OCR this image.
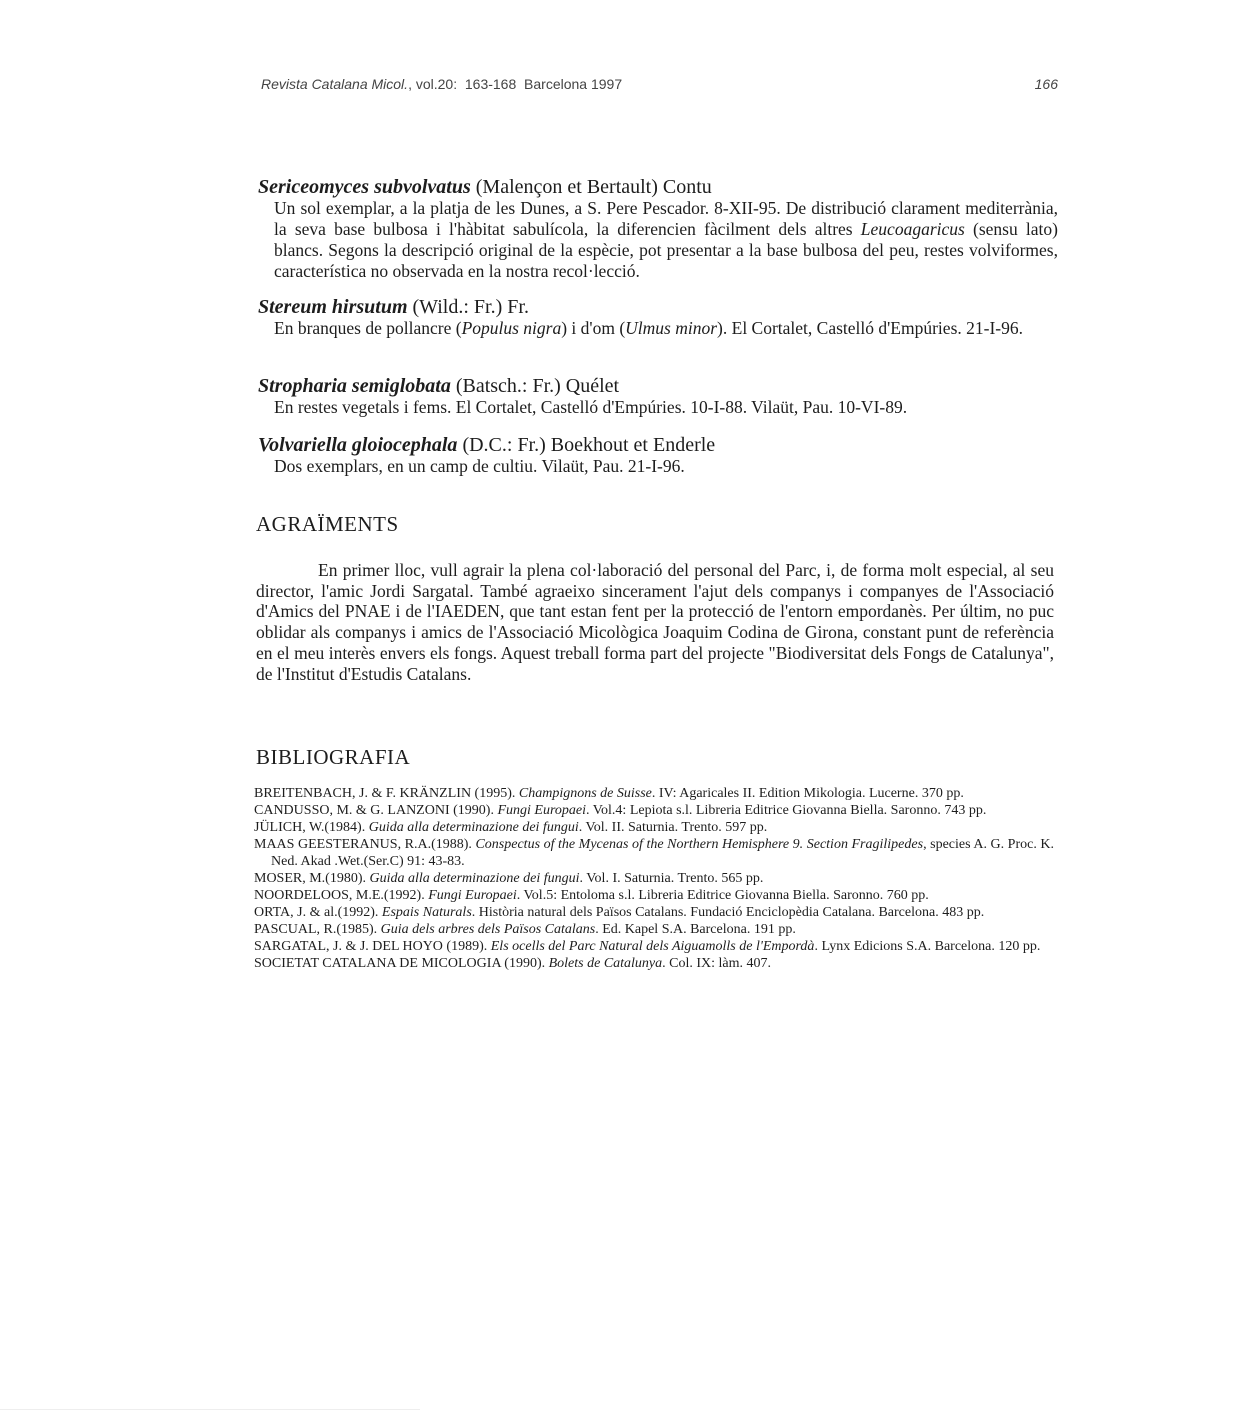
Revista Catalana Micol., vol.20: 163-168 Barcelona 1997	166
Sericeomyces subvolvatus (Malençon et Bertault) Contu
Un sol exemplar, a la platja de les Dunes, a S. Pere Pescador. 8-XII-95. De distribució clarament mediterrània, la seva base bulbosa i l'hàbitat sabulícola, la diferencien fàcilment dels altres Leucoagaricus (sensu lato) blancs. Segons la descripció original de la espècie, pot presentar a la base bulbosa del peu, restes volviformes, característica no observada en la nostra recol·lecció.
Stereum hirsutum (Wild.: Fr.) Fr.
En branques de pollancre (Populus nigra) i d'om (Ulmus minor). El Cortalet, Castelló d'Empúries. 21-I-96.
Stropharia semiglobata (Batsch.: Fr.) Quélet
En restes vegetals i fems. El Cortalet, Castelló d'Empúries. 10-I-88. Vilaüt, Pau. 10-VI-89.
Volvariella gloiocephala (D.C.: Fr.) Boekhout et Enderle
Dos exemplars, en un camp de cultiu. Vilaüt, Pau. 21-I-96.
AGRAÏMENTS

En primer lloc, vull agrair la plena col·laboració del personal del Parc, i, de forma molt especial, al seu director, l'amic Jordi Sargatal. També agraeixo sincerament l'ajut dels companys i companyes de l'Associació d'Amics del PNAE i de l'IAEDEN, que tant estan fent per la protecció de l'entorn empordanès. Per últim, no puc oblidar als companys i amics de l'Associació Micològica Joaquim Codina de Girona, constant punt de referència en el meu interès envers els fongs. Aquest treball forma part del projecte "Biodiversitat dels Fongs de Catalunya", de l'Institut d'Estudis Catalans.

BIBLIOGRAFIA
BREITENBACH, J. & F. KRÄNZLIN (1995). Champignons de Suisse. IV: Agaricales II. Edition Mikologia. Lucerne. 370 pp.
CANDUSSO, M. & G. LANZONI (1990). Fungi Europaei. Vol.4: Lepiota s.l. Libreria Editrice Giovanna Biella. Saronno. 743 pp.
JÜLICH, W.(1984). Guida alla determinazione dei fungui. Vol. II. Saturnia. Trento. 597 pp.
MAAS GEESTERANUS, R.A.(1988). Conspectus of the Mycenas of the Northern Hemisphere 9. Section Fragilipedes, species A. G. Proc. K. Ned. Akad .Wet.(Ser.C) 91: 43-83.
MOSER, M.(1980). Guida alla determinazione dei fungui. Vol. I. Saturnia. Trento. 565 pp.
NOORDELOOS, M.E.(1992). Fungi Europaei. Vol.5: Entoloma s.l. Libreria Editrice Giovanna Biella. Saronno. 760 pp.
ORTA, J. & al.(1992). Espais Naturals. Història natural dels Països Catalans. Fundació Enciclopèdia Catalana. Barcelona. 483 pp.
PASCUAL, R.(1985). Guia dels arbres dels Països Catalans. Ed. Kapel S.A. Barcelona. 191 pp.
SARGATAL, J. & J. DEL HOYO (1989). Els ocells del Parc Natural dels Aiguamolls de l'Empordà. Lynx Edicions S.A. Barcelona. 120 pp.
SOCIETAT CATALANA DE MICOLOGIA (1990). Bolets de Catalunya. Col. IX: làm. 407.
